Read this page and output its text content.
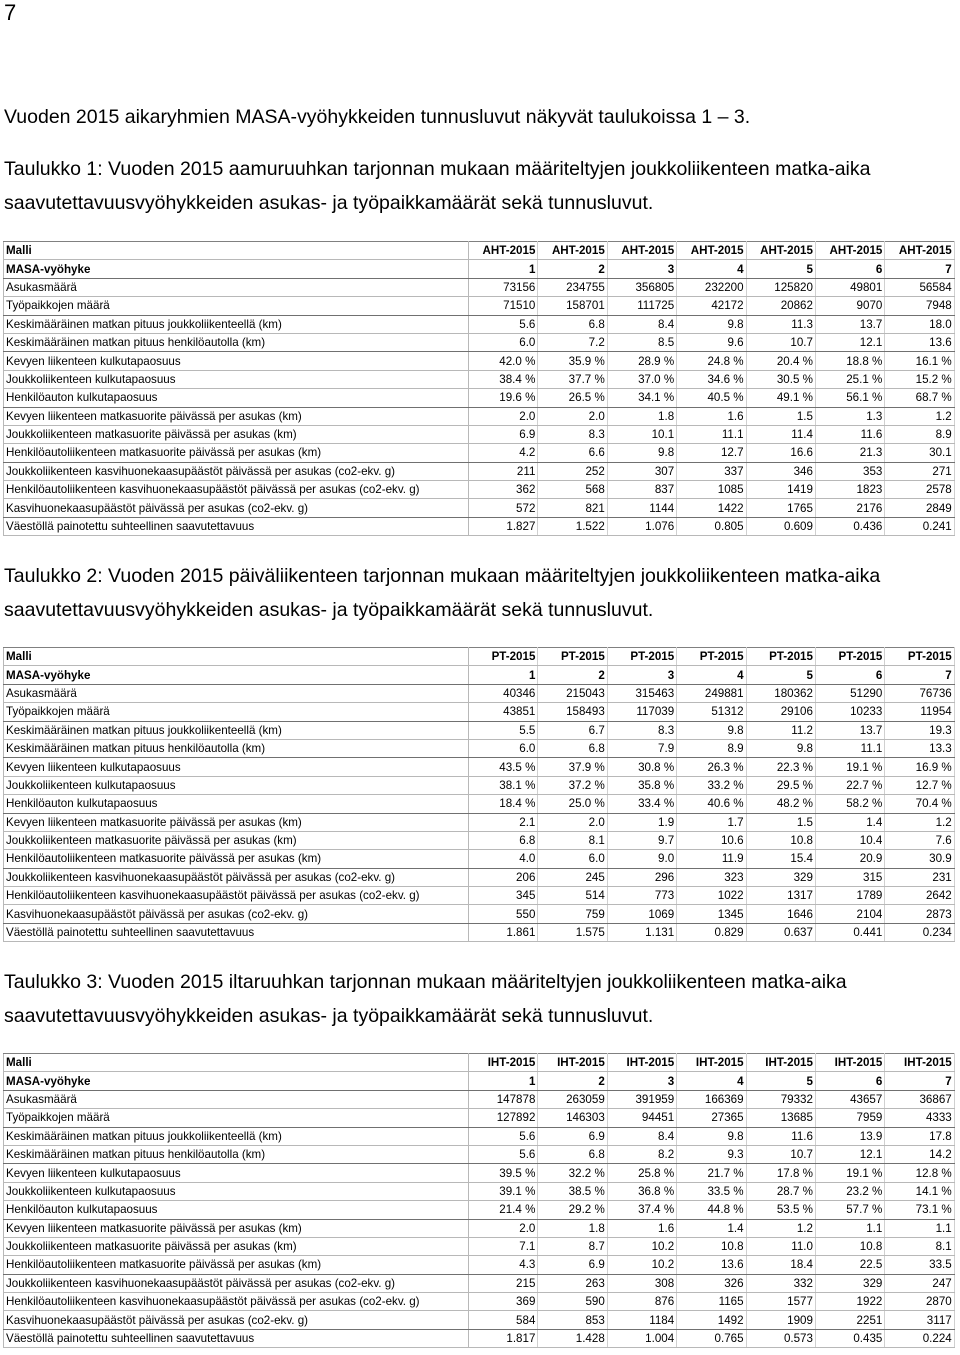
7
Vuoden 2015 aikaryhmien MASA-vyöhykkeiden tunnusluvut näkyvät taulukoissa 1 – 3.
Taulukko 1: Vuoden 2015 aamuruuhkan tarjonnan mukaan määriteltyjen joukkoliikenteen matka-aika saavutettavuusvyöhykkeiden asukas- ja työpaikkamäärät sekä tunnusluvut.
Malli	AHT-2015	AHT-2015	AHT-2015	AHT-2015	AHT-2015	AHT-2015	AHT-2015
MASA-vyöhyke	1	2	3	4	5	6	7
Asukasmäärä	73156	234755	356805	232200	125820	49801	56584
Työpaikkojen määrä	71510	158701	111725	42172	20862	9070	7948
Keskimääräinen matkan pituus joukkoliikenteellä (km)	5.6	6.8	8.4	9.8	11.3	13.7	18.0
Keskimääräinen matkan pituus henkilöautolla (km)	6.0	7.2	8.5	9.6	10.7	12.1	13.6
Kevyen liikenteen kulkutapaosuus	42.0 %	35.9 %	28.9 %	24.8 %	20.4 %	18.8 %	16.1 %
Joukkoliikenteen kulkutapaosuus	38.4 %	37.7 %	37.0 %	34.6 %	30.5 %	25.1 %	15.2 %
Henkilöauton kulkutapaosuus	19.6 %	26.5 %	34.1 %	40.5 %	49.1 %	56.1 %	68.7 %
Kevyen liikenteen matkasuorite päivässä per asukas (km)	2.0	2.0	1.8	1.6	1.5	1.3	1.2
Joukkoliikenteen matkasuorite päivässä per asukas (km)	6.9	8.3	10.1	11.1	11.4	11.6	8.9
Henkilöautoliikenteen matkasuorite päivässä per asukas (km)	4.2	6.6	9.8	12.7	16.6	21.3	30.1
Joukkoliikenteen kasvihuonekaasupäästöt päivässä per asukas (co2-ekv. g)	211	252	307	337	346	353	271
Henkilöautoliikenteen kasvihuonekaasupäästöt päivässä per asukas (co2-ekv. g)	362	568	837	1085	1419	1823	2578
Kasvihuonekaasupäästöt päivässä per asukas (co2-ekv. g)	572	821	1144	1422	1765	2176	2849
Väestöllä painotettu suhteellinen saavutettavuus	1.827	1.522	1.076	0.805	0.609	0.436	0.241
Taulukko 2: Vuoden 2015 päiväliikenteen tarjonnan mukaan määriteltyjen joukkoliikenteen matka-aika saavutettavuusvyöhykkeiden asukas- ja työpaikkamäärät sekä tunnusluvut.
Malli	PT-2015	PT-2015	PT-2015	PT-2015	PT-2015	PT-2015	PT-2015
MASA-vyöhyke	1	2	3	4	5	6	7
Asukasmäärä	40346	215043	315463	249881	180362	51290	76736
Työpaikkojen määrä	43851	158493	117039	51312	29106	10233	11954
Keskimääräinen matkan pituus joukkoliikenteellä (km)	5.5	6.7	8.3	9.8	11.2	13.7	19.3
Keskimääräinen matkan pituus henkilöautolla (km)	6.0	6.8	7.9	8.9	9.8	11.1	13.3
Kevyen liikenteen kulkutapaosuus	43.5 %	37.9 %	30.8 %	26.3 %	22.3 %	19.1 %	16.9 %
Joukkoliikenteen kulkutapaosuus	38.1 %	37.2 %	35.8 %	33.2 %	29.5 %	22.7 %	12.7 %
Henkilöauton kulkutapaosuus	18.4 %	25.0 %	33.4 %	40.6 %	48.2 %	58.2 %	70.4 %
Kevyen liikenteen matkasuorite päivässä per asukas (km)	2.1	2.0	1.9	1.7	1.5	1.4	1.2
Joukkoliikenteen matkasuorite päivässä per asukas (km)	6.8	8.1	9.7	10.6	10.8	10.4	7.6
Henkilöautoliikenteen matkasuorite päivässä per asukas (km)	4.0	6.0	9.0	11.9	15.4	20.9	30.9
Joukkoliikenteen kasvihuonekaasupäästöt päivässä per asukas (co2-ekv. g)	206	245	296	323	329	315	231
Henkilöautoliikenteen kasvihuonekaasupäästöt päivässä per asukas (co2-ekv. g)	345	514	773	1022	1317	1789	2642
Kasvihuonekaasupäästöt päivässä per asukas (co2-ekv. g)	550	759	1069	1345	1646	2104	2873
Väestöllä painotettu suhteellinen saavutettavuus	1.861	1.575	1.131	0.829	0.637	0.441	0.234
Taulukko 3: Vuoden 2015 iltaruuhkan tarjonnan mukaan määriteltyjen joukkoliikenteen matka-aika saavutettavuusvyöhykkeiden asukas- ja työpaikkamäärät sekä tunnusluvut.
Malli	IHT-2015	IHT-2015	IHT-2015	IHT-2015	IHT-2015	IHT-2015	IHT-2015
MASA-vyöhyke	1	2	3	4	5	6	7
Asukasmäärä	147878	263059	391959	166369	79332	43657	36867
Työpaikkojen määrä	127892	146303	94451	27365	13685	7959	4333
Keskimääräinen matkan pituus joukkoliikenteellä (km)	5.6	6.9	8.4	9.8	11.6	13.9	17.8
Keskimääräinen matkan pituus henkilöautolla (km)	5.6	6.8	8.2	9.3	10.7	12.1	14.2
Kevyen liikenteen kulkutapaosuus	39.5 %	32.2 %	25.8 %	21.7 %	17.8 %	19.1 %	12.8 %
Joukkoliikenteen kulkutapaosuus	39.1 %	38.5 %	36.8 %	33.5 %	28.7 %	23.2 %	14.1 %
Henkilöauton kulkutapaosuus	21.4 %	29.2 %	37.4 %	44.8 %	53.5 %	57.7 %	73.1 %
Kevyen liikenteen matkasuorite päivässä per asukas (km)	2.0	1.8	1.6	1.4	1.2	1.1	1.1
Joukkoliikenteen matkasuorite päivässä per asukas (km)	7.1	8.7	10.2	10.8	11.0	10.8	8.1
Henkilöautoliikenteen matkasuorite päivässä per asukas (km)	4.3	6.9	10.2	13.6	18.4	22.5	33.5
Joukkoliikenteen kasvihuonekaasupäästöt päivässä per asukas (co2-ekv. g)	215	263	308	326	332	329	247
Henkilöautoliikenteen kasvihuonekaasupäästöt päivässä per asukas (co2-ekv. g)	369	590	876	1165	1577	1922	2870
Kasvihuonekaasupäästöt päivässä per asukas (co2-ekv. g)	584	853	1184	1492	1909	2251	3117
Väestöllä painotettu suhteellinen saavutettavuus	1.817	1.428	1.004	0.765	0.573	0.435	0.224
